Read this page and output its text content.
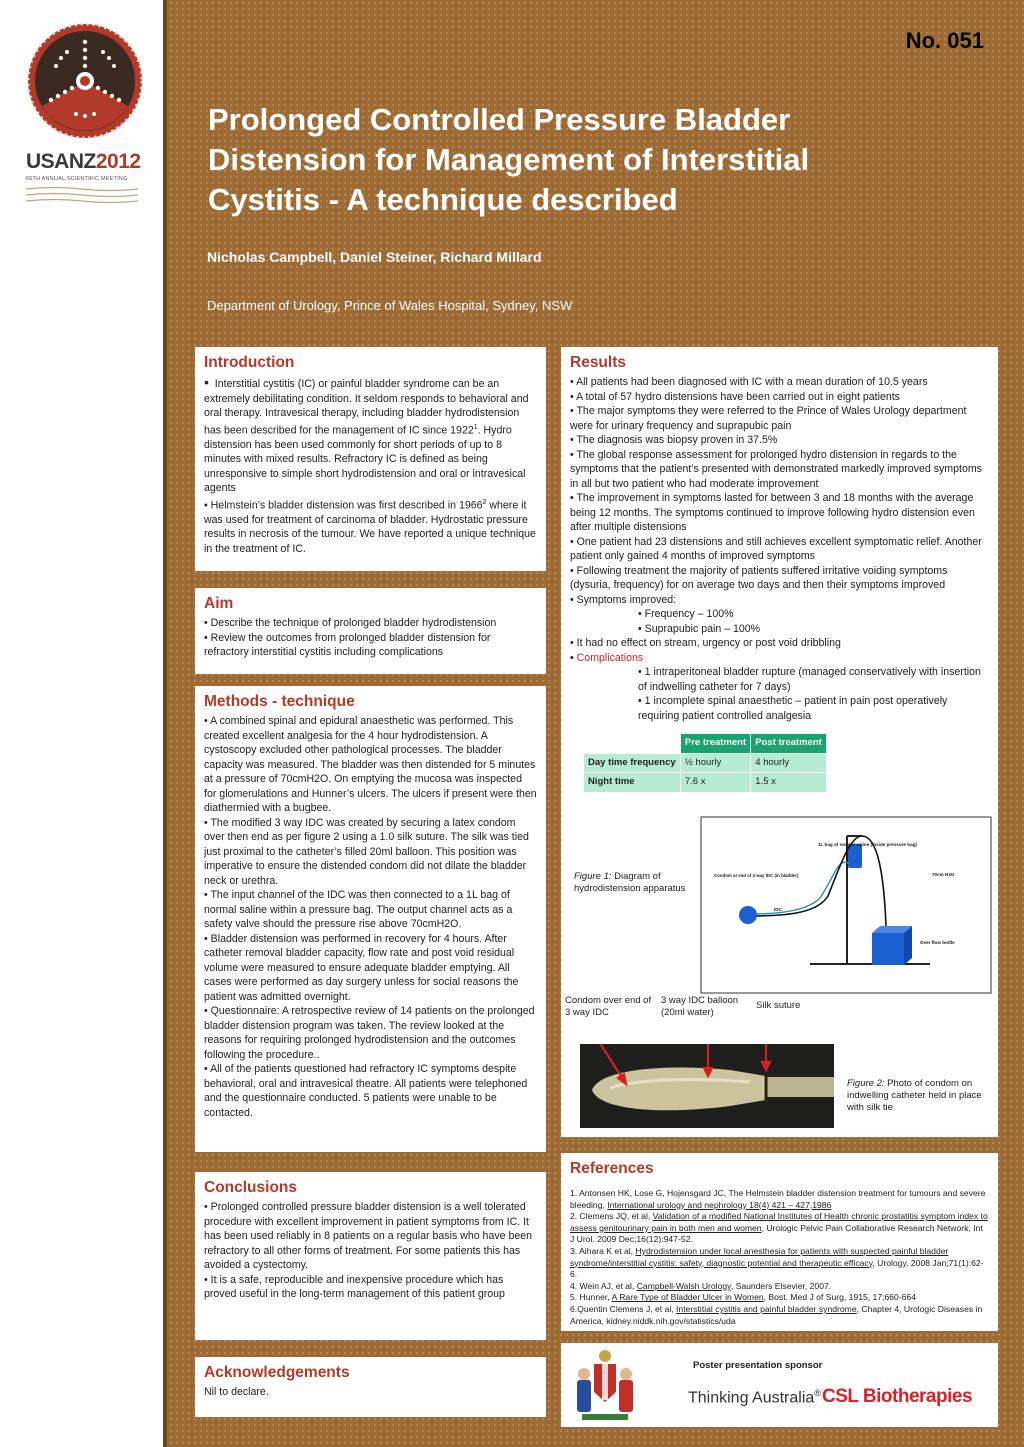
USANZ2012
65TH ANNUAL SCIENTIFIC MEETING
No. 051
Prolonged Controlled Pressure Bladder Distension for Management of Interstitial Cystitis - A technique described
Nicholas Campbell, Daniel Steiner, Richard Millard
Department of Urology, Prince of Wales Hospital, Sydney, NSW
Introduction

• Interstitial cystitis (IC) or painful bladder syndrome can be an extremely debilitating condition. It seldom responds to behavioral and oral therapy. Intravesical therapy, including bladder hydrodistension has been described for the management of IC since 1922$^1$. Hydro distension has been used commonly for short periods of up to 8 minutes with mixed results. Refractory IC is defined as being unresponsive to simple short hydrodistension and oral or intravesical agents

• Helmstein’s bladder distension was first described in 1966$^2$ where it was used for treatment of carcinoma of bladder. Hydrostatic pressure results in necrosis of the tumour. We have reported a unique technique in the treatment of IC.

Aim

• Describe the technique of prolonged bladder hydrodistension

• Review the outcomes from prolonged bladder distension for refractory interstitial cystitis including complications

Methods - technique

• A combined spinal and epidural anaesthetic was performed. This created excellent analgesia for the 4 hour hydrodistension. A cystoscopy excluded other pathological processes. The bladder capacity was measured. The bladder was then distended for 5 minutes at a pressure of 70cmH2O. On emptying the mucosa was inspected for glomerulations and Hunner’s ulcers. The ulcers if present were then diathermied with a bugbee.

• The modified 3 way IDC was created by securing a latex condom over then end as per figure 2 using a 1.0 silk suture. The silk was tied just proximal to the catheter’s filled 20ml balloon. This position was imperative to ensure the distended condom did not dilate the bladder neck or urethra.

• The input channel of the IDC was then connected to a 1L bag of normal saline within a pressure bag. The output channel acts as a safety valve should the pressure rise above 70cmH2O.

• Bladder distension was performed in recovery for 4 hours. After catheter removal bladder capacity, flow rate and post void residual volume were measured to ensure adequate bladder emptying. All cases were performed as day surgery unless for social reasons the patient was admitted overnight.

• Questionnaire: A retrospective review of 14 patients on the prolonged bladder distension program was taken. The review looked at the reasons for requiring prolonged hydrodistension and the outcomes following the procedure..

• All of the patients questioned had refractory IC symptoms despite behavioral, oral and intravesical theatre. All patients were telephoned and the questionnaire conducted. 5 patients were unable to be contacted.

Conclusions

• Prolonged controlled pressure bladder distension is a well tolerated procedure with excellent improvement in patient symptoms from IC. It has been used reliably in 8 patients on a regular basis who have been refractory to all other forms of treatment. For some patients this has avoided a cystectomy.

• It is a safe, reproducible and inexpensive procedure which has proved useful in the long-term management of this patient group

Acknowledgements

Nil to declare.

Results

• All patients had been diagnosed with IC with a mean duration of 10.5 years

• A total of 57 hydro distensions have been carried out in eight patients

• The major symptoms they were referred to the Prince of Wales Urology department were for urinary frequency and suprapubic pain

• The diagnosis was biopsy proven in 37.5%

• The global response assessment for prolonged hydro distension in regards to the symptoms that the patient’s presented with demonstrated markedly improved symptoms in all but two patient who had moderate improvement

• The improvement in symptoms lasted for between 3 and 18 months with the average being 12 months. The symptoms continued to improve following hydro distension even after multiple distensions

• One patient had 23 distensions and still achieves excellent symptomatic relief. Another patient only gained 4 months of improved symptoms

• Following treatment the majority of patients suffered irritative voiding symptoms (dysuria, frequency) for on average two days and then their symptoms improved

• Symptoms improved:

• Frequency – 100%

• Suprapubic pain – 100%

• It had no effect on stream, urgency or post void dribbling

• Complications

• 1 intraperitoneal bladder rupture (managed conservatively with insertion of indwelling catheter for 7 days)

• 1 incomplete spinal anaesthetic – patient in pain post operatively requiring patient controlled analgesia

	Pre treatment	Post treatment
Day time frequency	½ hourly	4 hourly
Night time	7.6 x	1.5 x
Figure 1: Diagram of hydrodistension apparatus
1L bag of normal saline (inside pressure bag)
Condom at end of 3 way IDC (in bladder)	70cm H2O
IDC
Over flow bottle
Condom over end of 3 way IDC
3 way IDC balloon (20ml water)
Silk suture
Figure 2: Photo of condom on indwelling catheter held in place with silk tie
References

1. Antonsen HK, Lose G, Hojensgard JC, The Helmstein bladder distension treatment for tumours and severe bleeding, International urology and nephrology 18(4) 421 – 427,1986

2. Clemens JQ, et al, Validation of a modified National Institutes of Health chronic prostatitis symptom index to assess genitourinary pain in both men and women, Urologic Pelvic Pain Collaborative Research Network, Int J Urol. 2009 Dec;16(12):947-52.

3. Aihara K et al, Hydrodistension under local anesthesia for patients with suspected painful bladder syndrome/interstitial cystitis: safety, diagnostic potential and therapeutic efficacy, Urology. 2008 Jan;71(1):62-6.

4. Wein AJ, et al, Campbell-Walsh Urology, Saunders Elsevier, 2007.

5. Hunner, A Rare Type of Bladder Ulcer in Women, Bost. Med J of Surg, 1915, 17;660-664

6.Quentin Clemens J, et al, Interstitial cystitis and painful bladder syndrome, Chapter 4, Urologic Diseases in America, kidney.niddk.nih.gov/statistics/uda

Poster presentation sponsor
Thinking Australia® CSL Biotherapies
